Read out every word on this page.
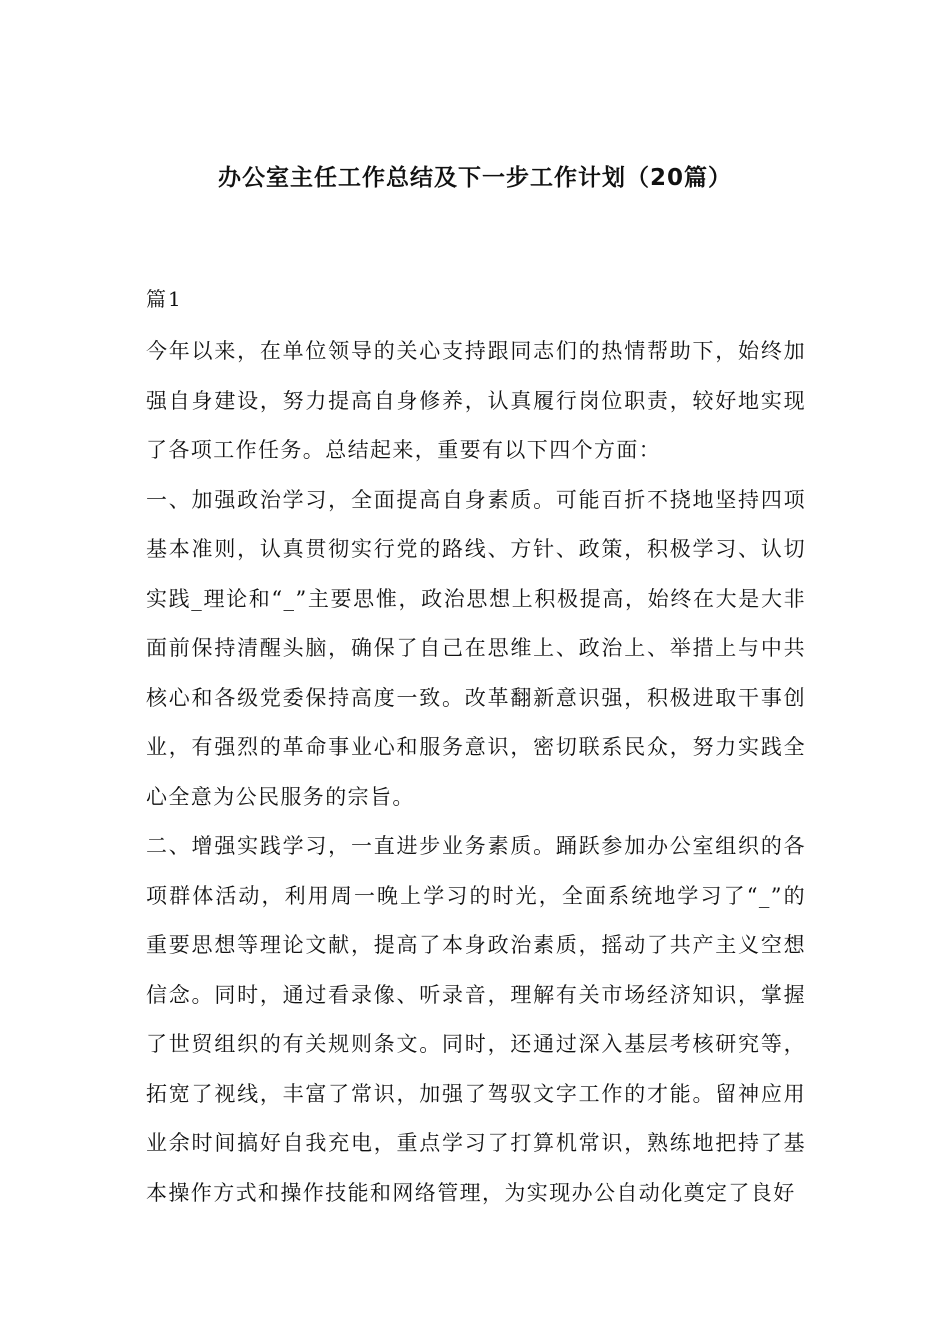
办公室主任工作总结及下一步工作计划（20篇）
篇1

今年以来，在单位领导的关心支持跟同志们的热情帮助下，始终加强自身建设，努力提高自身修养，认真履行岗位职责，较好地实现了各项工作任务。总结起来，重要有以下四个方面：

一、加强政治学习，全面提高自身素质。可能百折不挠地坚持四项基本准则，认真贯彻实行党的路线、方针、政策，积极学习、认切实践_理论和“_”主要思惟，政治思想上积极提高，始终在大是大非面前保持清醒头脑，确保了自己在思维上、政治上、举措上与中共核心和各级党委保持高度一致。改革翻新意识强，积极进取干事创业，有强烈的革命事业心和服务意识，密切联系民众，努力实践全心全意为公民服务的宗旨。

二、增强实践学习，一直进步业务素质。踊跃参加办公室组织的各项群体活动，利用周一晚上学习的时光，全面系统地学习了“_”的重要思想等理论文献，提高了本身政治素质，摇动了共产主义空想信念。同时，通过看录像、听录音，理解有关市场经济知识，掌握了世贸组织的有关规则条文。同时，还通过深入基层考核研究等，拓宽了视线，丰富了常识，加强了驾驭文字工作的才能。留神应用业余时间搞好自我充电，重点学习了打算机常识，熟练地把持了基本操作方式和操作技能和网络管理，为实现办公自动化奠定了良好
